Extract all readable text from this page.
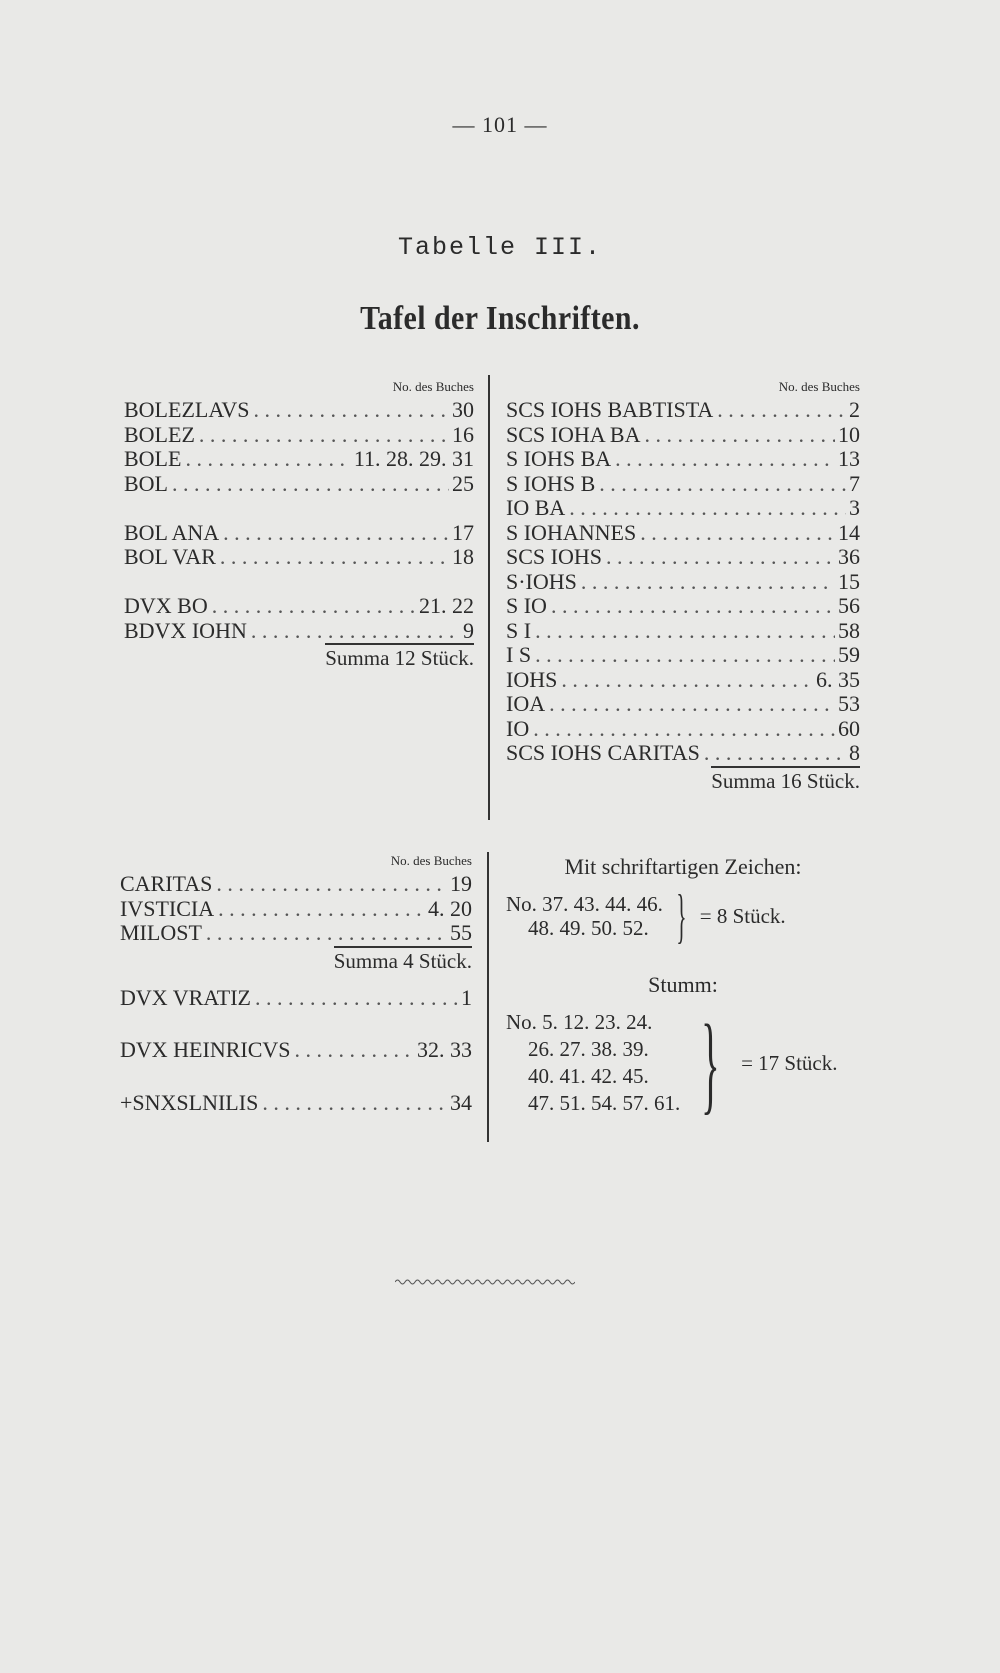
— 101 —
Tabelle III.
Tafel der Inschriften.
No. des Buches
BOLEZLAVS . . .	30
BOLEZ . . .	16
BOLE . . .	11. 28. 29. 31
BOL . . .	25
BOL ANA . . .	17
BOL VAR . . .	18
DVX BO . . .	21. 22
BDVX IOHN . . .	9
Summa 12 Stück.
No. des Buches
SCS IOHS BABTISTA . . .	2
SCS IOHA BA . . .	10
S IOHS BA . . .	13
S IOHS B . . .	7
IO BA . . .	3
S IOHANNES . . .	14
SCS IOHS . . .	36
S·IOHS . . .	15
S IO . . .	56
S I . . .	58
I S . . .	59
IOHS . . .	6. 35
IOA . . .	53
IO . . .	60
SCS IOHS CARITAS . . .	8
Summa 16 Stück.
No. des Buches
CARITAS . . .	19
IVSTICIA . . .	4. 20
MILOST . . .	55
Summa 4 Stück.
DVX VRATIZ . . .	1
DVX HEINRICVS . . .	32. 33
+SNXSLNILIS . . .	34
Mit schriftartigen Zeichen:
No. 37. 43. 44. 46.
48. 49. 50. 52. } = 8 Stück.
Stumm:
No. 5. 12. 23. 24.
26. 27. 38. 39.
40. 41. 42. 45.
47. 51. 54. 57. 61. } = 17 Stück.
